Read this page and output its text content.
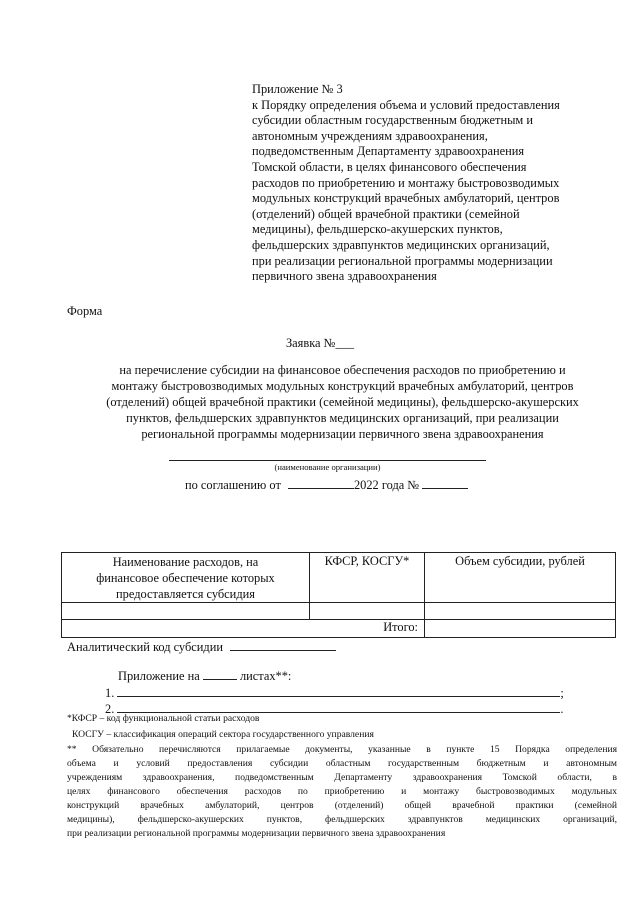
Приложение № 3
к Порядку определения объема и условий предоставления
субсидии областным государственным бюджетным и
автономным учреждениям здравоохранения,
подведомственным Департаменту здравоохранения
Томской области, в целях финансового обеспечения
расходов по приобретению и монтажу быстровозводимых
модульных конструкций врачебных амбулаторий, центров
(отделений) общей врачебной практики (семейной
медицины), фельдшерско-акушерских пунктов,
фельдшерских здравпунктов медицинских организаций,
при реализации региональной программы модернизации
первичного звена здравоохранения
Форма
Заявка №___
на перечисление субсидии на финансовое обеспечения расходов по приобретению и
монтажу быстровозводимых модульных конструкций врачебных амбулаторий, центров
(отделений) общей врачебной практики (семейной медицины), фельдшерско-акушерских
пунктов, фельдшерских здравпунктов медицинских организаций, при реализации
региональной программы модернизации первичного звена здравоохранения
(наименование организации)
по соглашению от	2022 года №
Наименование расходов, на
финансовое обеспечение которых
предоставляется субсидия	КФСР, КОСГУ*	Объем субсидии, рублей

	Итого:	
Аналитический код субсидии
Приложение на	листах**:
1.	;
2.	.
*КФСР – код функциональной статьи расходов
КОСГУ – классификация операций сектора государственного управления
** Обязательно перечисляются прилагаемые документы, указанные в пункте 15 Порядка определения
объема и условий предоставления субсидии областным государственным бюджетным и автономным
учреждениям здравоохранения, подведомственным Департаменту здравоохранения Томской области, в
целях финансового обеспечения расходов по приобретению и монтажу быстровозводимых модульных
конструкций врачебных амбулаторий, центров (отделений) общей врачебной практики (семейной
медицины), фельдшерско-акушерских пунктов, фельдшерских здравпунктов медицинских организаций,
при реализации региональной программы модернизации первичного звена здравоохранения
